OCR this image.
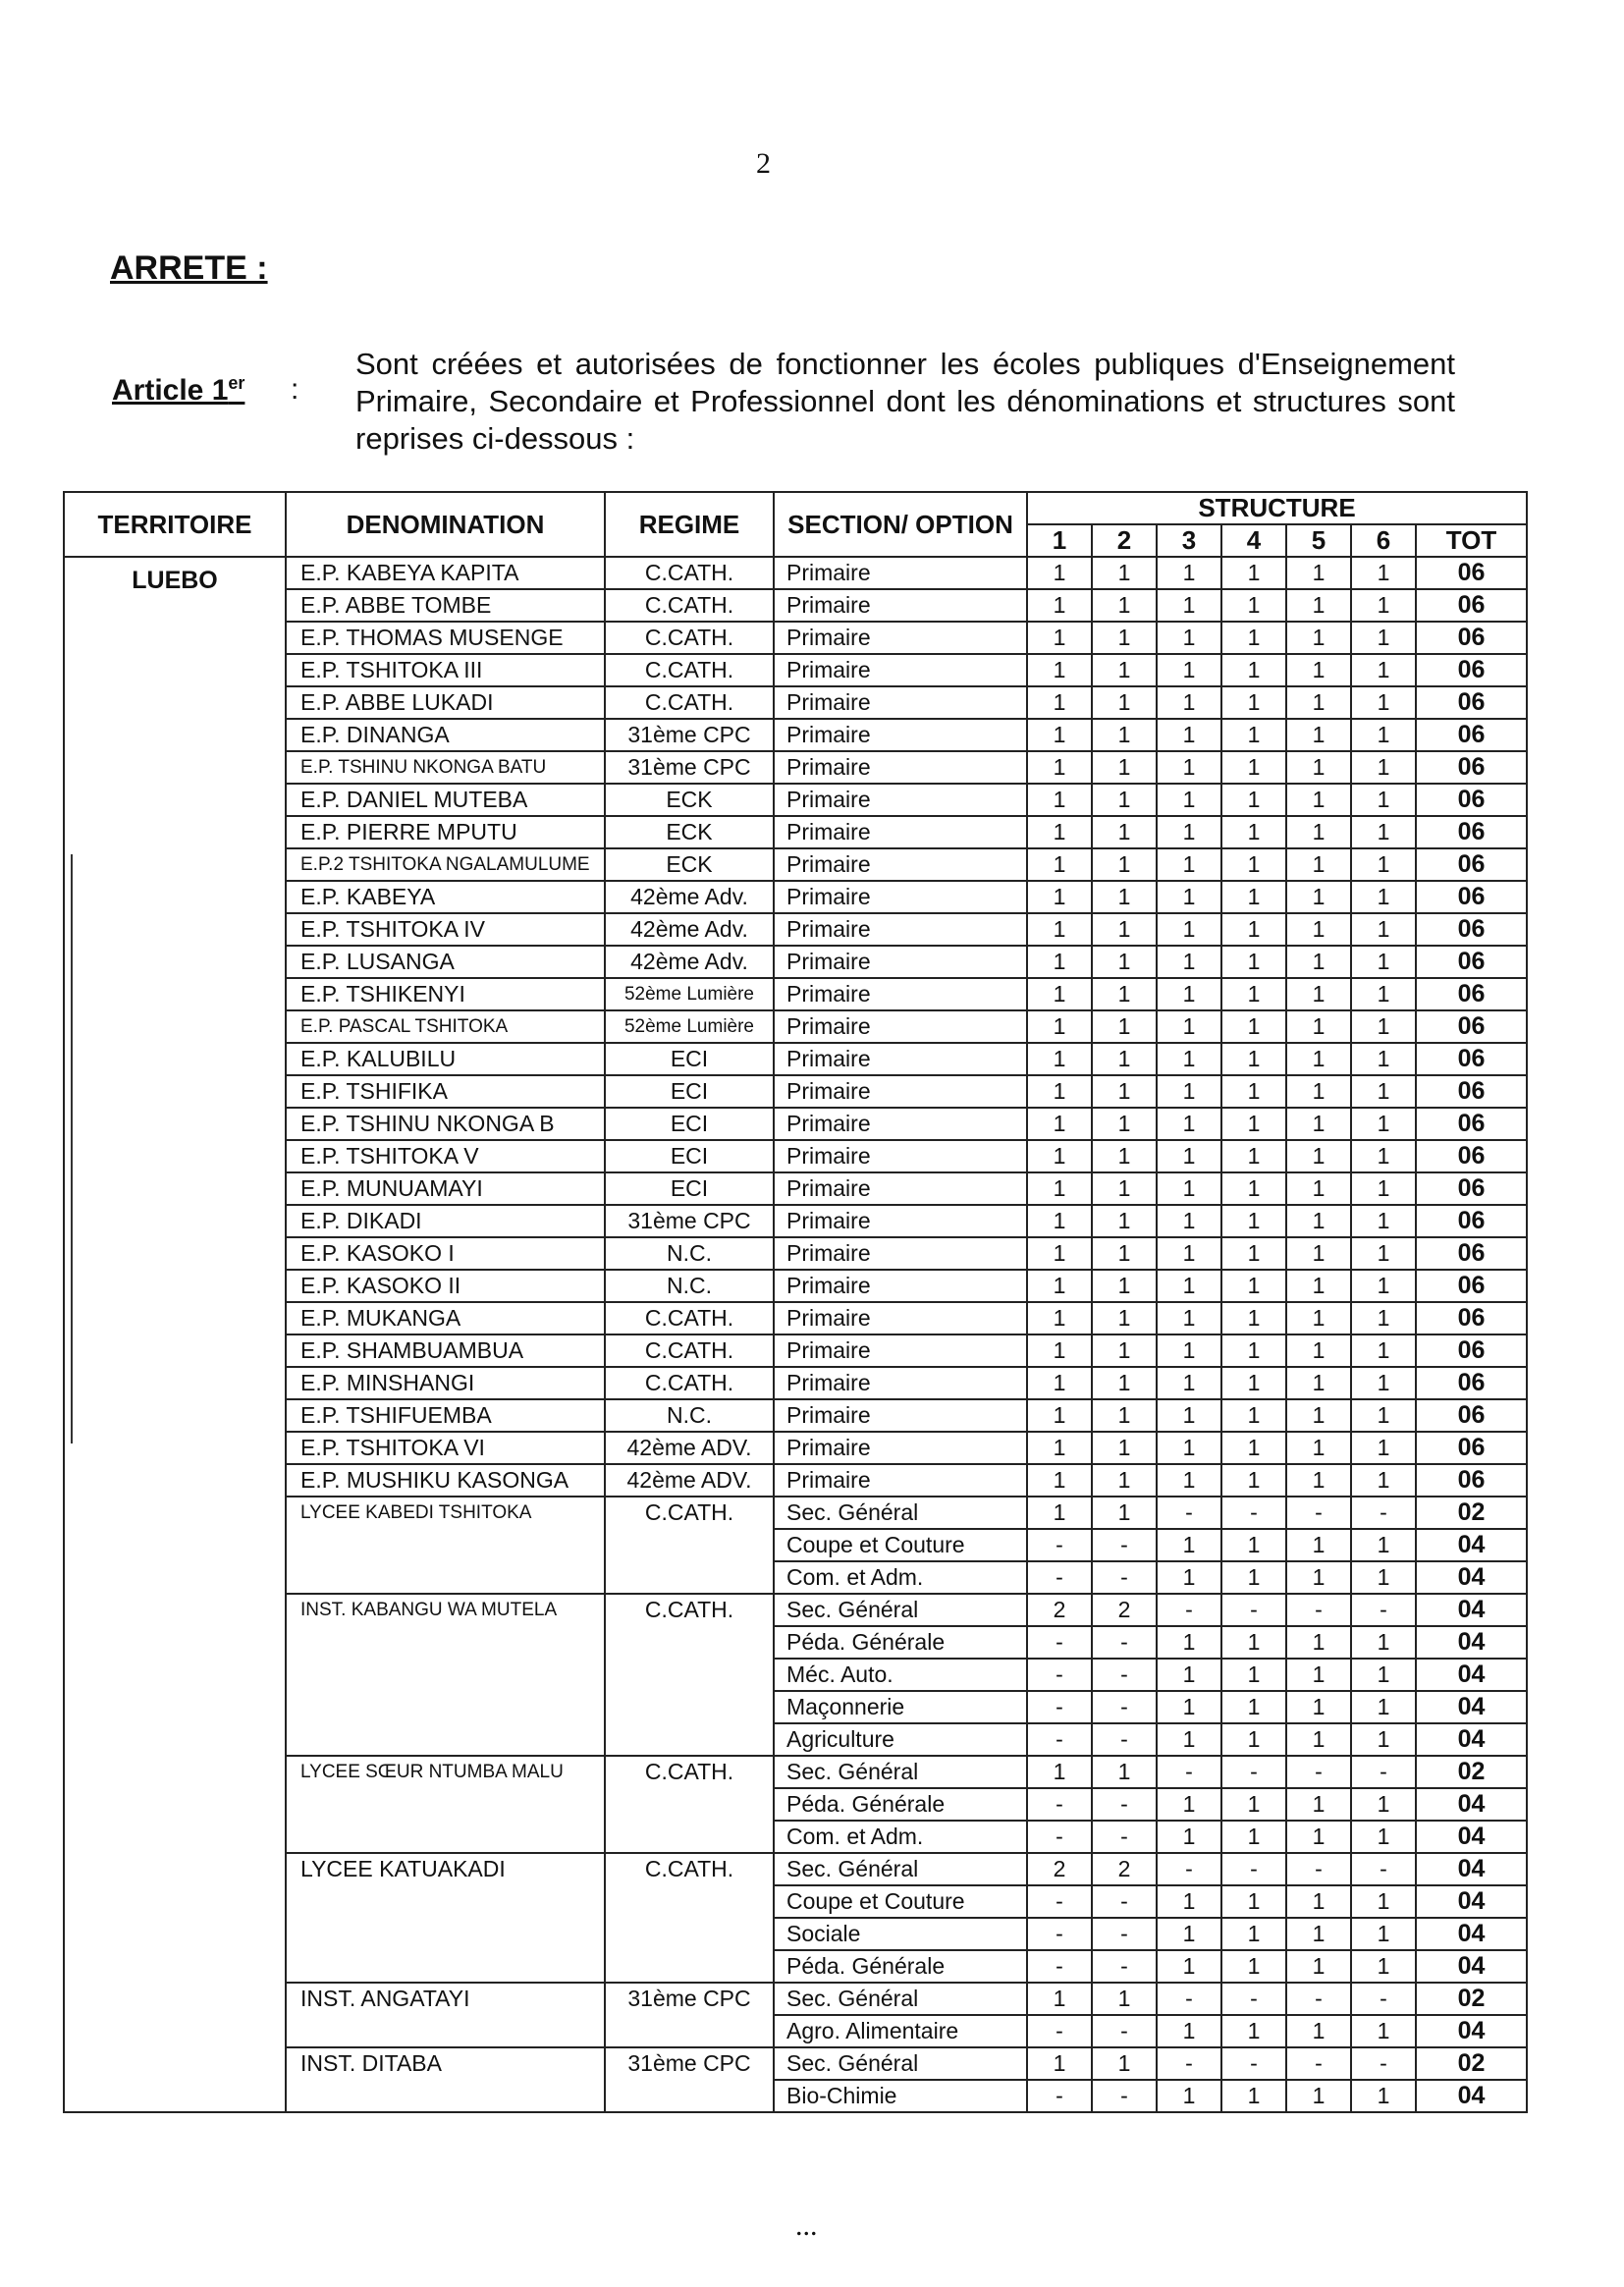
2
ARRETE :
Article 1er :
Sont créées et autorisées de fonctionner les écoles publiques d'Enseignement Primaire, Secondaire et Professionnel dont les dénominations et structures sont reprises ci-dessous :
TERRITOIRE	DENOMINATION	REGIME	SECTION/ OPTION	STRUCTURE						
				1	2	3	4	5	6	TOT
LUEBO	E.P. KABEYA KAPITA	C.CATH.	Primaire	1	1	1	1	1	1	06
	E.P. ABBE TOMBE	C.CATH.	Primaire	1	1	1	1	1	1	06
	E.P. THOMAS MUSENGE	C.CATH.	Primaire	1	1	1	1	1	1	06
	E.P. TSHITOKA III	C.CATH.	Primaire	1	1	1	1	1	1	06
	E.P. ABBE LUKADI	C.CATH.	Primaire	1	1	1	1	1	1	06
	E.P. DINANGA	31ème CPC	Primaire	1	1	1	1	1	1	06
	E.P. TSHINU NKONGA BATU	31ème CPC	Primaire	1	1	1	1	1	1	06
	E.P. DANIEL MUTEBA	ECK	Primaire	1	1	1	1	1	1	06
	E.P. PIERRE MPUTU	ECK	Primaire	1	1	1	1	1	1	06
	E.P.2 TSHITOKA NGALAMULUME	ECK	Primaire	1	1	1	1	1	1	06
	E.P. KABEYA	42ème Adv.	Primaire	1	1	1	1	1	1	06
	E.P. TSHITOKA IV	42ème Adv.	Primaire	1	1	1	1	1	1	06
	E.P. LUSANGA	42ème Adv.	Primaire	1	1	1	1	1	1	06
	E.P. TSHIKENYI	52ème Lumière	Primaire	1	1	1	1	1	1	06
	E.P. PASCAL TSHITOKA	52ème Lumière	Primaire	1	1	1	1	1	1	06
	E.P. KALUBILU	ECI	Primaire	1	1	1	1	1	1	06
	E.P. TSHIFIKA	ECI	Primaire	1	1	1	1	1	1	06
	E.P. TSHINU NKONGA B	ECI	Primaire	1	1	1	1	1	1	06
	E.P. TSHITOKA V	ECI	Primaire	1	1	1	1	1	1	06
	E.P. MUNUAMAYI	ECI	Primaire	1	1	1	1	1	1	06
	E.P. DIKADI	31ème CPC	Primaire	1	1	1	1	1	1	06
	E.P. KASOKO I	N.C.	Primaire	1	1	1	1	1	1	06
	E.P. KASOKO II	N.C.	Primaire	1	1	1	1	1	1	06
	E.P. MUKANGA	C.CATH.	Primaire	1	1	1	1	1	1	06
	E.P. SHAMBUAMBUA	C.CATH.	Primaire	1	1	1	1	1	1	06
	E.P. MINSHANGI	C.CATH.	Primaire	1	1	1	1	1	1	06
	E.P. TSHIFUEMBA	N.C.	Primaire	1	1	1	1	1	1	06
	E.P. TSHITOKA VI	42ème ADV.	Primaire	1	1	1	1	1	1	06
	E.P. MUSHIKU KASONGA	42ème ADV.	Primaire	1	1	1	1	1	1	06
	LYCEE KABEDI TSHITOKA	C.CATH.	Sec. Général	1	1	-	-	-	-	02
			Coupe et Couture	-	-	1	1	1	1	04
			Com. et Adm.	-	-	1	1	1	1	04
	INST. KABANGU WA MUTELA	C.CATH.	Sec. Général	2	2	-	-	-	-	04
			Péda. Générale	-	-	1	1	1	1	04
			Méc. Auto.	-	-	1	1	1	1	04
			Maçonnerie	-	-	1	1	1	1	04
			Agriculture	-	-	1	1	1	1	04
	LYCEE SŒUR NTUMBA MALU	C.CATH.	Sec. Général	1	1	-	-	-	-	02
			Péda. Générale	-	-	1	1	1	1	04
			Com. et Adm.	-	-	1	1	1	1	04
	LYCEE KATUAKADI	C.CATH.	Sec. Général	2	2	-	-	-	-	04
			Coupe et Couture	-	-	1	1	1	1	04
			Sociale	-	-	1	1	1	1	04
			Péda. Générale	-	-	1	1	1	1	04
	INST. ANGATAYI	31ème CPC	Sec. Général	1	1	-	-	-	-	02
			Agro. Alimentaire	-	-	1	1	1	1	04
	INST. DITABA	31ème CPC	Sec. Général	1	1	-	-	-	-	02
			Bio-Chimie	-	-	1	1	1	1	04
...
